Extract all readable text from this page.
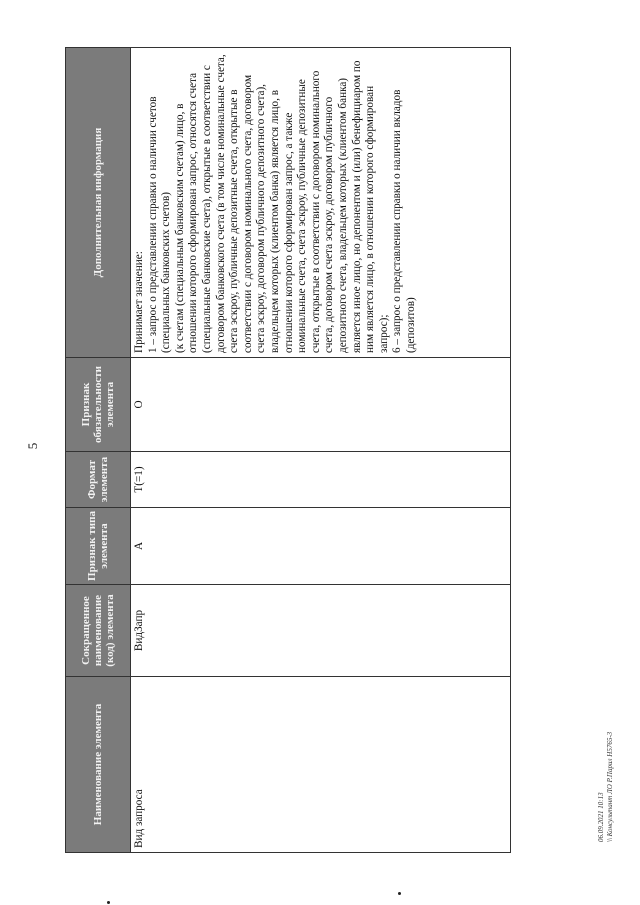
5
Наименование элемента	Сокращенное наименование (код) элемента	Признак типа элемента	Формат элемента	Признак обязательности элемента	Дополнительная информация
Вид запроса	ВидЗапр	А	T(=1)	О	Принимает значение: 1 – запрос о представлении справки о наличии счетов (специальных банковских счетов) (к счетам (специальным банковским счетам) лицо, в отношении которого сформирован запрос, относятся счета (специальные банковские счета), открытые в соответствии с договором банковского счета (в том числе номинальные счета, счета эскроу, публичные депозитные счета, открытые в соответствии с договором номинального счета, договором счета эскроу, договором публичного депозитного счета), владельцем которых (клиентом банка) является лицо, в отношении которого сформирован запрос, а также номинальные счета, счета эскроу, публичные депозитные счета, открытые в соответствии с договором номинального счета, договором счета эскроу, договором публичного депозитного счета, владельцем которых (клиентом банка) является иное лицо, но депонентом и (или) бенефициаром по ним является лицо, в отношении которого сформирован запрос); 6 – запрос о представлении справки о наличии вкладов (депозитов)
06.09.2021 10:13 \\ Консультант ЛО Р.Парил Н5765-3
